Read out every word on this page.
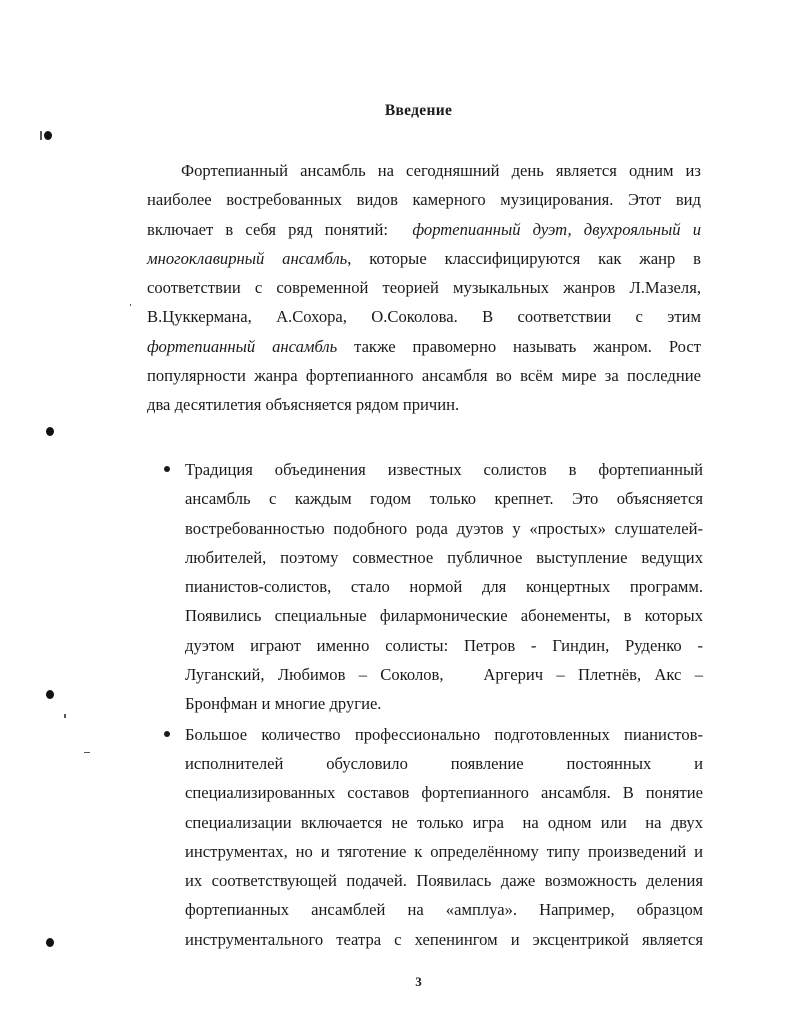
Введение
Фортепианный ансамбль на сегодняшний день является одним из
наиболее востребованных видов камерного музицирования. Этот вид
включает в себя ряд понятий: фортепианный дуэт, двухрояльный и
многоклавирный ансамбль, которые классифицируются как жанр в
соответствии с современной теорией музыкальных жанров Л.Мазеля,
В.Цуккермана, А.Сохора, О.Соколова. В соответствии с этим
фортепианный ансамбль также правомерно называть жанром. Рост
популярности жанра фортепианного ансамбля во всём мире за последние
два десятилетия объясняется рядом причин.
Традиция объединения известных солистов в фортепианный
ансамбль с каждым годом только крепнет. Это объясняется
востребованностью подобного рода дуэтов у «простых» слушателей-
любителей, поэтому совместное публичное выступление ведущих
пианистов-солистов, стало нормой для концертных программ.
Появились специальные филармонические абонементы, в которых
дуэтом играют именно солисты: Петров - Гиндин, Руденко -
Луганский, Любимов – Соколов,   Аргерич – Плетнёв, Акс –
Бронфман и многие другие.
Большое количество профессионально подготовленных пианистов-
исполнителей обусловило появление постоянных и
специализированных составов фортепианного ансамбля. В понятие
специализации включается не только игра  на одном или  на двух
инструментах, но и тяготение к определённому типу произведений и
их соответствующей подачей. Появилась даже возможность деления
фортепианных ансамблей на «амплуа». Например, образцом
инструментального театра с хепенингом и эксцентрикой является
3
